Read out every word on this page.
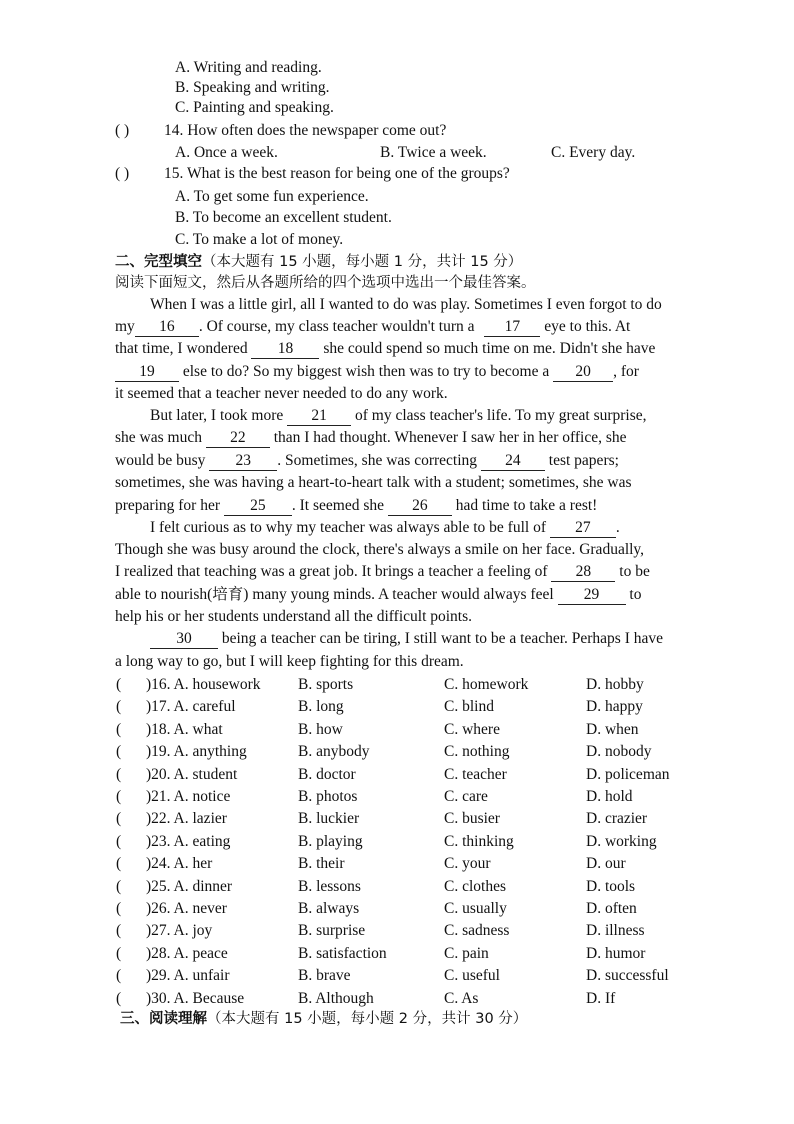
A. Writing and reading.
B. Speaking and writing.
C. Painting and speaking.
( ) 14. How often does the newspaper come out?
A. Once a week.	B. Twice a week.	C. Every day.
( ) 15. What is the best reason for being one of the groups?
A. To get some fun experience.
B. To become an excellent student.
C. To make a lot of money.
二、完型填空（本大题有 15 小题，每小题 1 分，共计 15 分）
阅读下面短文，然后从各题所给的四个选项中选出一个最佳答案。
When I was a little girl, all I wanted to do was play. Sometimes I even forgot to do
my 16 . Of course, my class teacher wouldn't turn a 17 eye to this. At
that time, I wondered 18 she could spend so much time on me. Didn't she have
19 else to do? So my biggest wish then was to try to become a 20 , for
it seemed that a teacher never needed to do any work.
But later, I took more 21 of my class teacher's life. To my great surprise,
she was much 22 than I had thought. Whenever I saw her in her office, she
would be busy 23 . Sometimes, she was correcting 24 test papers;
sometimes, she was having a heart-to-heart talk with a student; sometimes, she was
preparing for her 25 . It seemed she 26 had time to take a rest!
I felt curious as to why my teacher was always able to be full of 27 .
Though she was busy around the clock, there's always a smile on her face. Gradually,
I realized that teaching was a great job. It brings a teacher a feeling of 28 to be
able to nourish(培育) many young minds. A teacher would always feel 29 to
help his or her students understand all the difficult points.
30 being a teacher can be tiring, I still want to be a teacher. Perhaps I have
a long way to go, but I will keep fighting for this dream.
( )16. A. housework B. sports	C. homework	D. hobby
( )17. A. careful	B. long	C. blind	D. happy
( )18. A. what	B. how	C. where	D. when
( )19. A. anything	B. anybody	C. nothing	D. nobody
( )20. A. student	B. doctor	C. teacher	D. policeman
( )21. A. notice	B. photos	C. care	D. hold
( )22. A. lazier	B. luckier	C. busier	D. crazier
( )23. A. eating	B. playing	C. thinking	D. working
( )24. A. her	B. their	C. your	D. our
( )25. A. dinner	B. lessons	C. clothes	D. tools
( )26. A. never	B. always	C. usually	D. often
( )27. A. joy	B. surprise	C. sadness	D. illness
( )28. A. peace	B. satisfaction	C. pain	D. humor
( )29. A. unfair	B. brave	C. useful	D. successful
( )30. A. Because	B. Although	C. As	D. If
三、阅读理解（本大题有 15 小题，每小题 2 分，共计 30 分）
